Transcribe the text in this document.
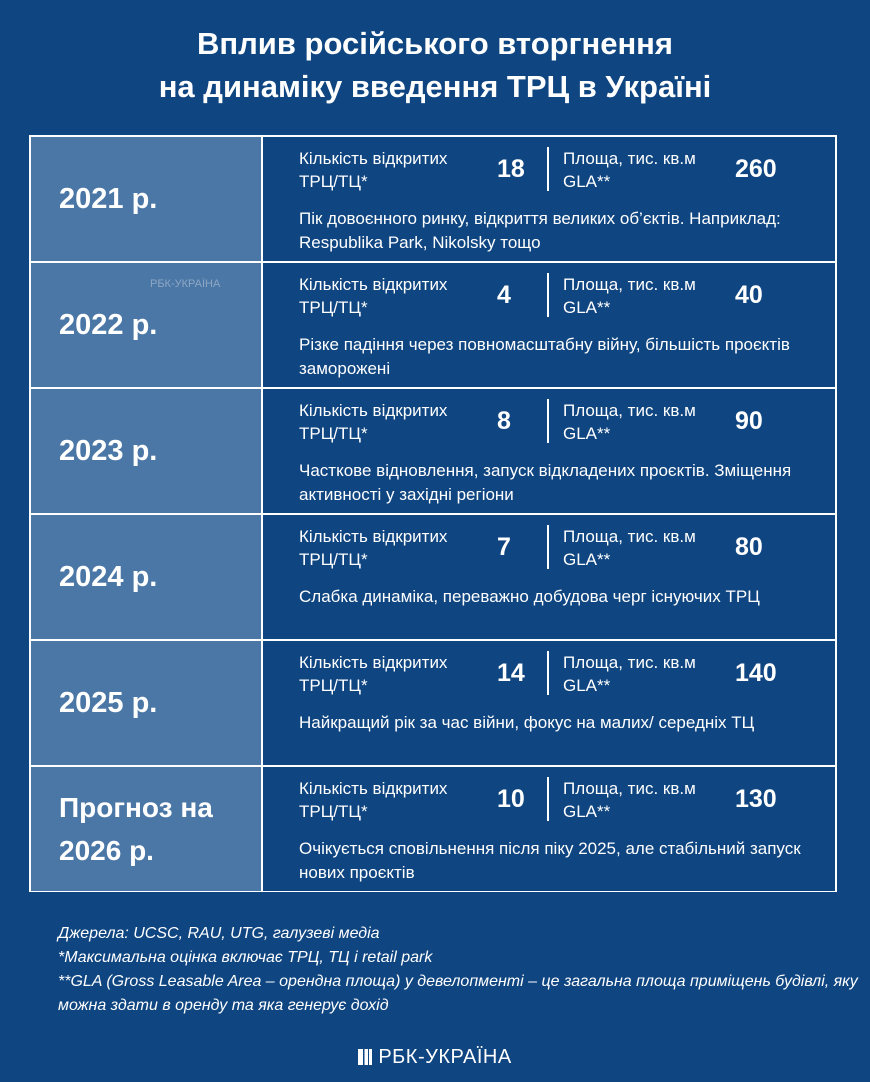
Вплив російського вторгнення
на динаміку введення ТРЦ в Україні
2021 р.
Кількість відкритих ТРЦ/ТЦ*	18 Площа, тис. кв.м GLA**	260
Пік довоєнного ринку, відкриття великих об’єктів. Наприклад: Respublika Park, Nikolsky тощо
2022 р.
Кількість відкритих ТРЦ/ТЦ*	4	Площа, тис. кв.м GLA**	40
Різке падіння через повномасштабну війну, більшість проєктів заморожені
2023 р.
Кількість відкритих ТРЦ/ТЦ*	8	Площа, тис. кв.м GLA**	90
Часткове відновлення, запуск відкладених проєктів. Зміщення активності у західні регіони
2024 р.
Кількість відкритих ТРЦ/ТЦ*	7	Площа, тис. кв.м GLA**	80
Слабка динаміка, переважно добудова черг існуючих ТРЦ
2025 р.
Кількість відкритих ТРЦ/ТЦ*	14 Площа, тис. кв.м GLA**	140
Найкращий рік за час війни, фокус на малих/ середніх ТЦ
Прогноз на 2026 р.
Кількість відкритих ТРЦ/ТЦ*	10 Площа, тис. кв.м GLA**	130
Очікується сповільнення після піку 2025, але стабільний запуск нових проєктів
РБК-УКРАЇНА
Джерела: UCSC, RAU, UTG, галузеві медіа
*Максимальна оцінка включає ТРЦ, ТЦ і retail park
**GLA (Gross Leasable Area – орендна площа) у девелопменті – це загальна площа приміщень будівлі, яку можна здати в оренду та яка генерує дохід
РБК-УКРАЇНА
